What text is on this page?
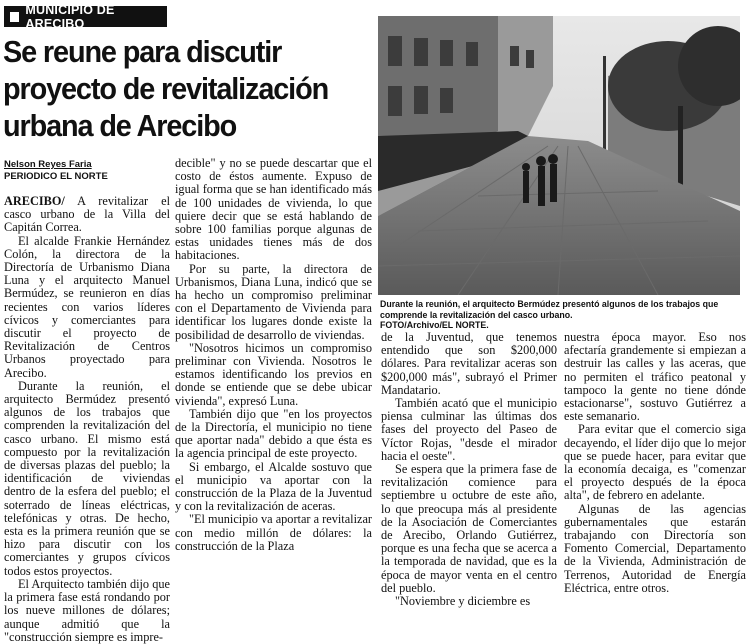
MUNICIPIO DE ARECIBO
Se reune para discutir proyecto de revitalización urbana de Arecibo
Nelson Reyes Faria
PERIODICO EL NORTE

ARECIBO/ A revitalizar el casco urbano de la Villa del Capitán Correa.

El alcalde Frankie Hernández Colón, la directora de la Directoría de Urbanismo Diana Luna y el arquitecto Manuel Bermúdez, se reunieron en días recientes con varios líderes cívicos y comerciantes para discutir el proyecto de Revitalización de Centros Urbanos proyectado para Arecibo.

Durante la reunión, el arquitecto Bermúdez presentó algunos de los trabajos que comprenden la revitalización del casco urbano. El mismo está compuesto por la revitalización de diversas plazas del pueblo; la identificación de viviendas dentro de la esfera del pueblo; el soterrado de líneas eléctricas, telefónicas y otras. De hecho, esta es la primera reunión que se hizo para discutir con los comerciantes y grupos cívicos todos estos proyectos.

El Arquitecto también dijo que la primera fase está rondando por los nueve millones de dólares; aunque admitió que la "construcción siempre es impre-

decible" y no se puede descartar que el costo de éstos aumente. Expuso de igual forma que se han identificado más de 100 unidades de vivienda, lo que quiere decir que se está hablando de sobre 100 familias porque algunas de estas unidades tienes más de dos habitaciones.

Por su parte, la directora de Urbanismos, Diana Luna, indicó que se ha hecho un compromiso preliminar con el Departamento de Vivienda para identificar los lugares donde existe la posibilidad de desarrollo de viviendas.

"Nosotros hicimos un compromiso preliminar con Vivienda. Nosotros le estamos identificando los previos en donde se entiende que se debe ubicar vivienda", expresó Luna.

También dijo que "en los proyectos de la Directoría, el municipio no tiene que aportar nada" debido a que ésta es la agencia principal de este proyecto.

Si embargo, el Alcalde sostuvo que el municipio va aportar con la construcción de la Plaza de la Juventud y con la revitalización de aceras.

"El municipio va aportar a revitalizar con medio millón de dólares: la construcción de la Plaza

Durante la reunión, el arquitecto Bermúdez presentó algunos de los trabajos que comprende la revitalización del casco urbano.
FOTO/Archivo/EL NORTE.

de la Juventud, que tenemos entendido que son $200,000 dólares. Para revitalizar aceras son $200,000 más", subrayó el Primer Mandatario.

También acató que el municipio piensa culminar las últimas dos fases del proyecto del Paseo de Víctor Rojas, "desde el mirador hacia el oeste".

Se espera que la primera fase de revitalización comience para septiembre u octubre de este año, lo que preocupa más al presidente de la Asociación de Comerciantes de Arecibo, Orlando Gutiérrez, porque es una fecha que se acerca a la temporada de navidad, que es la época de mayor venta en el centro del pueblo.

"Noviembre y diciembre es

nuestra época mayor. Eso nos afectaría grandemente si empiezan a destruir las calles y las aceras, que no permiten el tráfico peatonal y tampoco la gente no tiene dónde estacionarse", sostuvo Gutiérrez a este semanario.

Para evitar que el comercio siga decayendo, el líder dijo que lo mejor que se puede hacer, para evitar que la economía decaiga, es "comenzar el proyecto después de la época alta", de febrero en adelante.

Algunas de las agencias gubernamentales que estarán trabajando con Directoría son Fomento Comercial, Departamento de la Vivienda, Administración de Terrenos, Autoridad de Energía Eléctrica, entre otros.
